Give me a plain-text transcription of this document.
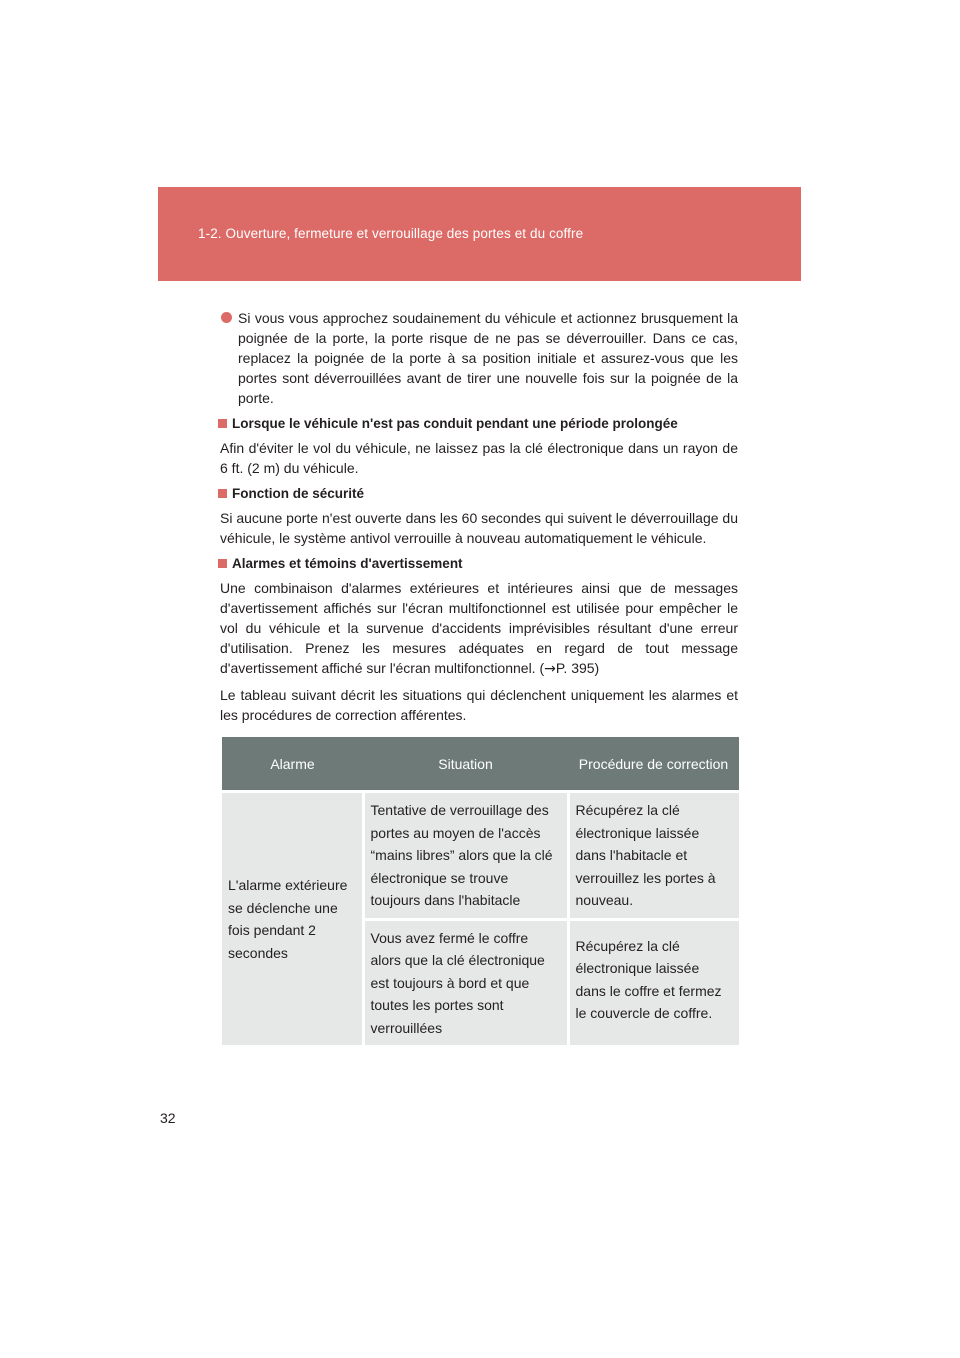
1-2. Ouverture, fermeture et verrouillage des portes et du coffre
Si vous vous approchez soudainement du véhicule et actionnez brusquement la poignée de la porte, la porte risque de ne pas se déverrouiller. Dans ce cas, replacez la poignée de la porte à sa position initiale et assurez-vous que les portes sont déverrouillées avant de tirer une nouvelle fois sur la poignée de la porte.
Lorsque le véhicule n'est pas conduit pendant une période prolongée

Afin d'éviter le vol du véhicule, ne laissez pas la clé électronique dans un rayon de 6 ft. (2 m) du véhicule.

Fonction de sécurité

Si aucune porte n'est ouverte dans les 60 secondes qui suivent le déverrouillage du véhicule, le système antivol verrouille à nouveau automatiquement le véhicule.

Alarmes et témoins d'avertissement

Une combinaison d'alarmes extérieures et intérieures ainsi que de messages d'avertissement affichés sur l'écran multifonctionnel est utilisée pour empêcher le vol du véhicule et la survenue d'accidents imprévisibles résultant d'une erreur d'utilisation. Prenez les mesures adéquates en regard de tout message d'avertissement affiché sur l'écran multifonctionnel. (→P. 395)

Le tableau suivant décrit les situations qui déclenchent uniquement les alarmes et les procédures de correction afférentes.

Alarme	Situation	Procédure de correction
L'alarme extérieure se déclenche une fois pendant 2 secondes	Tentative de verrouillage des portes au moyen de l'accès “mains libres” alors que la clé électronique se trouve toujours dans l'habitacle	Récupérez la clé électronique laissée dans l'habitacle et verrouillez les portes à nouveau.
	Vous avez fermé le coffre alors que la clé électronique est toujours à bord et que toutes les portes sont verrouillées	Récupérez la clé électronique laissée dans le coffre et fermez le couvercle de coffre.
32
